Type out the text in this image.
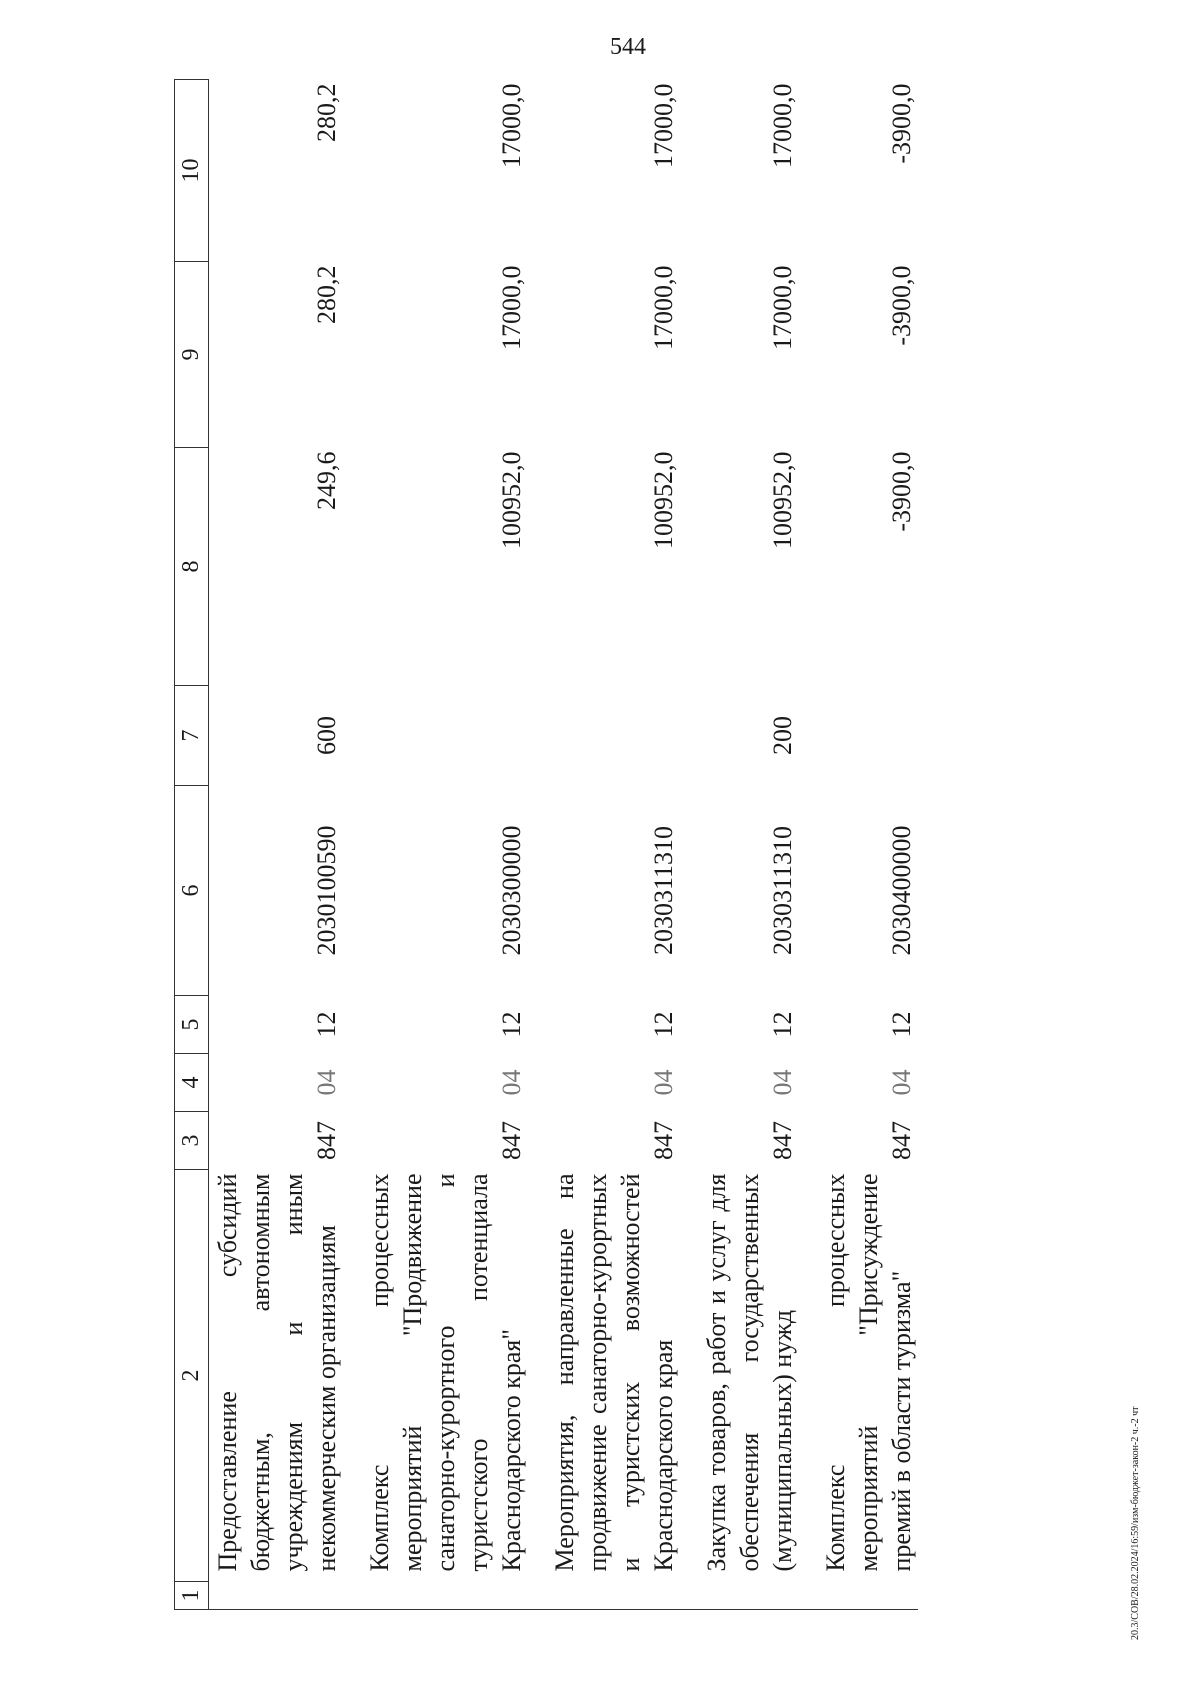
544
20.3/СОВ/28.02.2024/16:59/изм-бюджет-закон-2 ч.-2 чт
1	2	3	4	5	6	7	8	9	10
	Предоставление субсидий бюджетным, автономным учреждениям и иным некоммерческим организациям	847	04	12	2030100590	600	249,6	280,2	280,2
	Комплекс процессных мероприятий "Продвижение санаторно-курортного и туристского потенциала Краснодарского края"	847	04	12	2030300000		100952,0	17000,0	17000,0
	Мероприятия, направленные на продвижение санаторно-курортных и туристских возможностей Краснодарского края	847	04	12	2030311310		100952,0	17000,0	17000,0
	Закупка товаров, работ и услуг для обеспечения государственных (муниципальных) нужд	847	04	12	2030311310	200	100952,0	17000,0	17000,0
	Комплекс процессных мероприятий "Присуждение премий в области туризма"	847	04	12	2030400000		-3900,0	-3900,0	-3900,0
